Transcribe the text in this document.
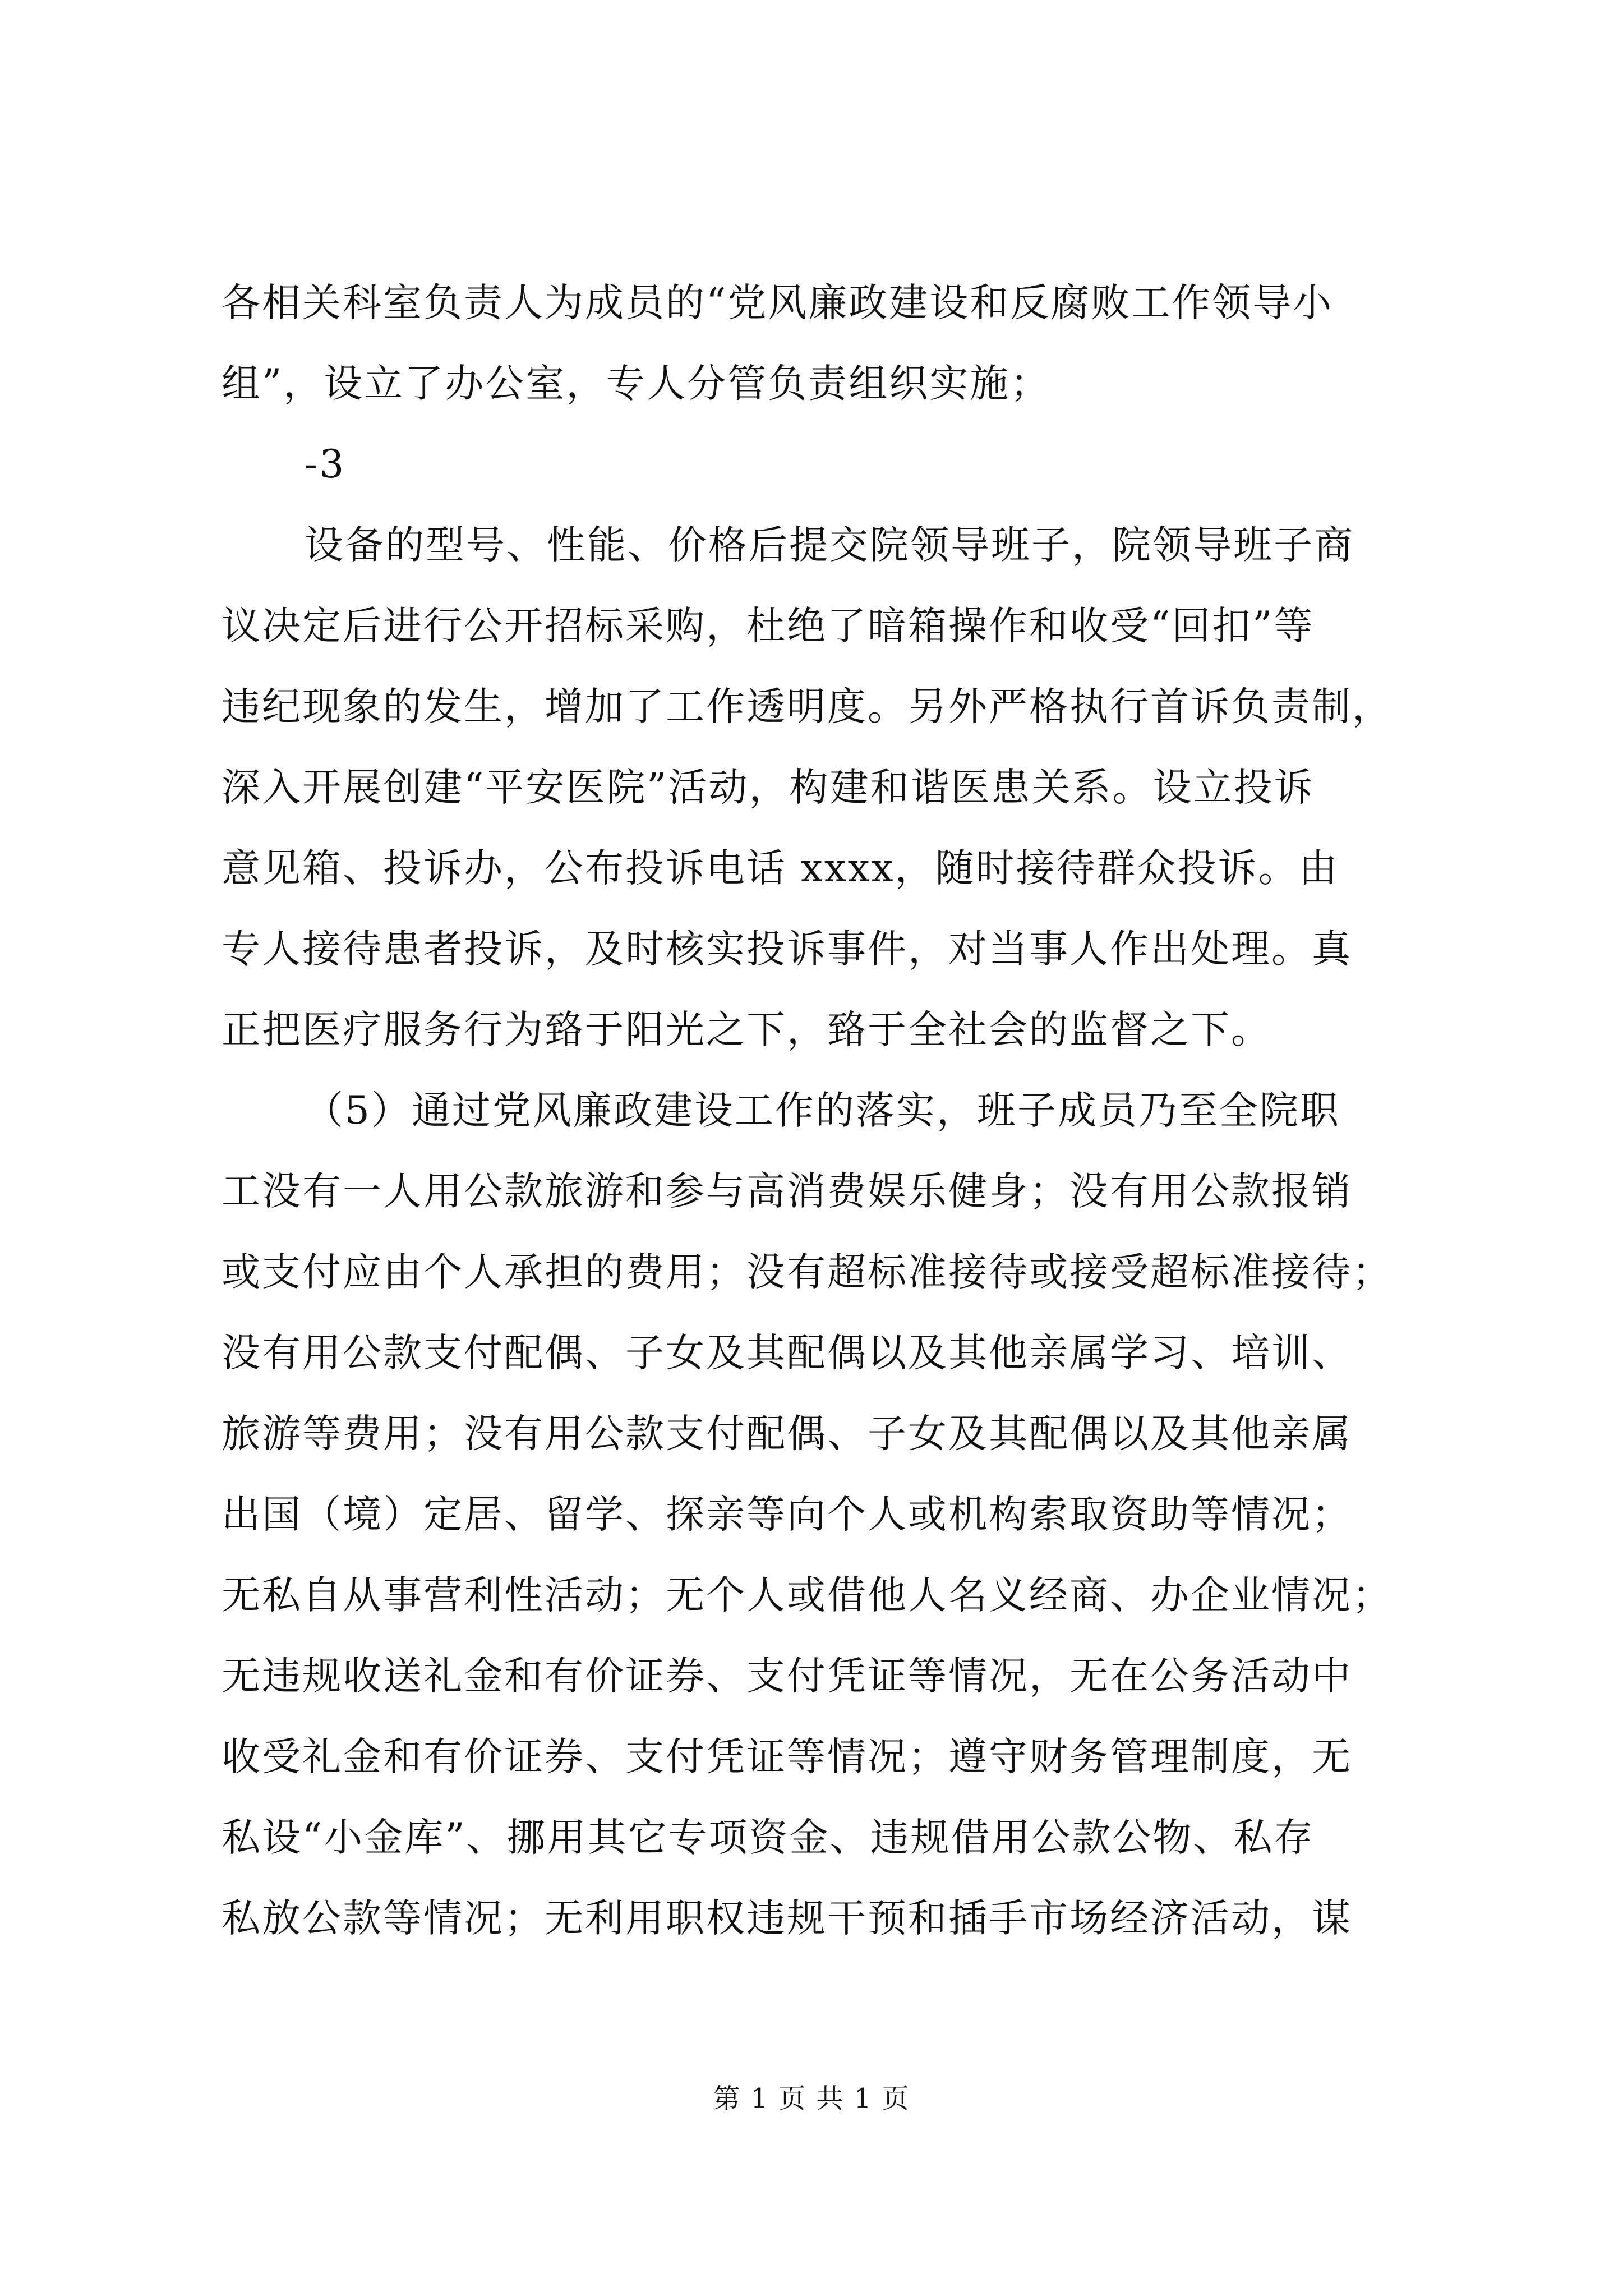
各相关科室负责人为成员的“党风廉政建设和反腐败工作领导小
组”，设立了办公室，专人分管负责组织实施；
-3
设备的型号、性能、价格后提交院领导班子，院领导班子商
议决定后进行公开招标采购，杜绝了暗箱操作和收受“回扣”等
违纪现象的发生，增加了工作透明度。另外严格执行首诉负责制，
深入开展创建“平安医院”活动，构建和谐医患关系。设立投诉
意见箱、投诉办，公布投诉电话 xxxx，随时接待群众投诉。由
专人接待患者投诉，及时核实投诉事件，对当事人作出处理。真
正把医疗服务行为臵于阳光之下，臵于全社会的监督之下。
（5）通过党风廉政建设工作的落实，班子成员乃至全院职
工没有一人用公款旅游和参与高消费娱乐健身；没有用公款报销
或支付应由个人承担的费用；没有超标准接待或接受超标准接待；
没有用公款支付配偶、子女及其配偶以及其他亲属学习、培训、
旅游等费用；没有用公款支付配偶、子女及其配偶以及其他亲属
出国（境）定居、留学、探亲等向个人或机构索取资助等情况；
无私自从事营利性活动；无个人或借他人名义经商、办企业情况；
无违规收送礼金和有价证券、支付凭证等情况，无在公务活动中
收受礼金和有价证券、支付凭证等情况；遵守财务管理制度，无
私设“小金库”、挪用其它专项资金、违规借用公款公物、私存
私放公款等情况；无利用职权违规干预和插手市场经济活动，谋
第 1 页 共 1 页
